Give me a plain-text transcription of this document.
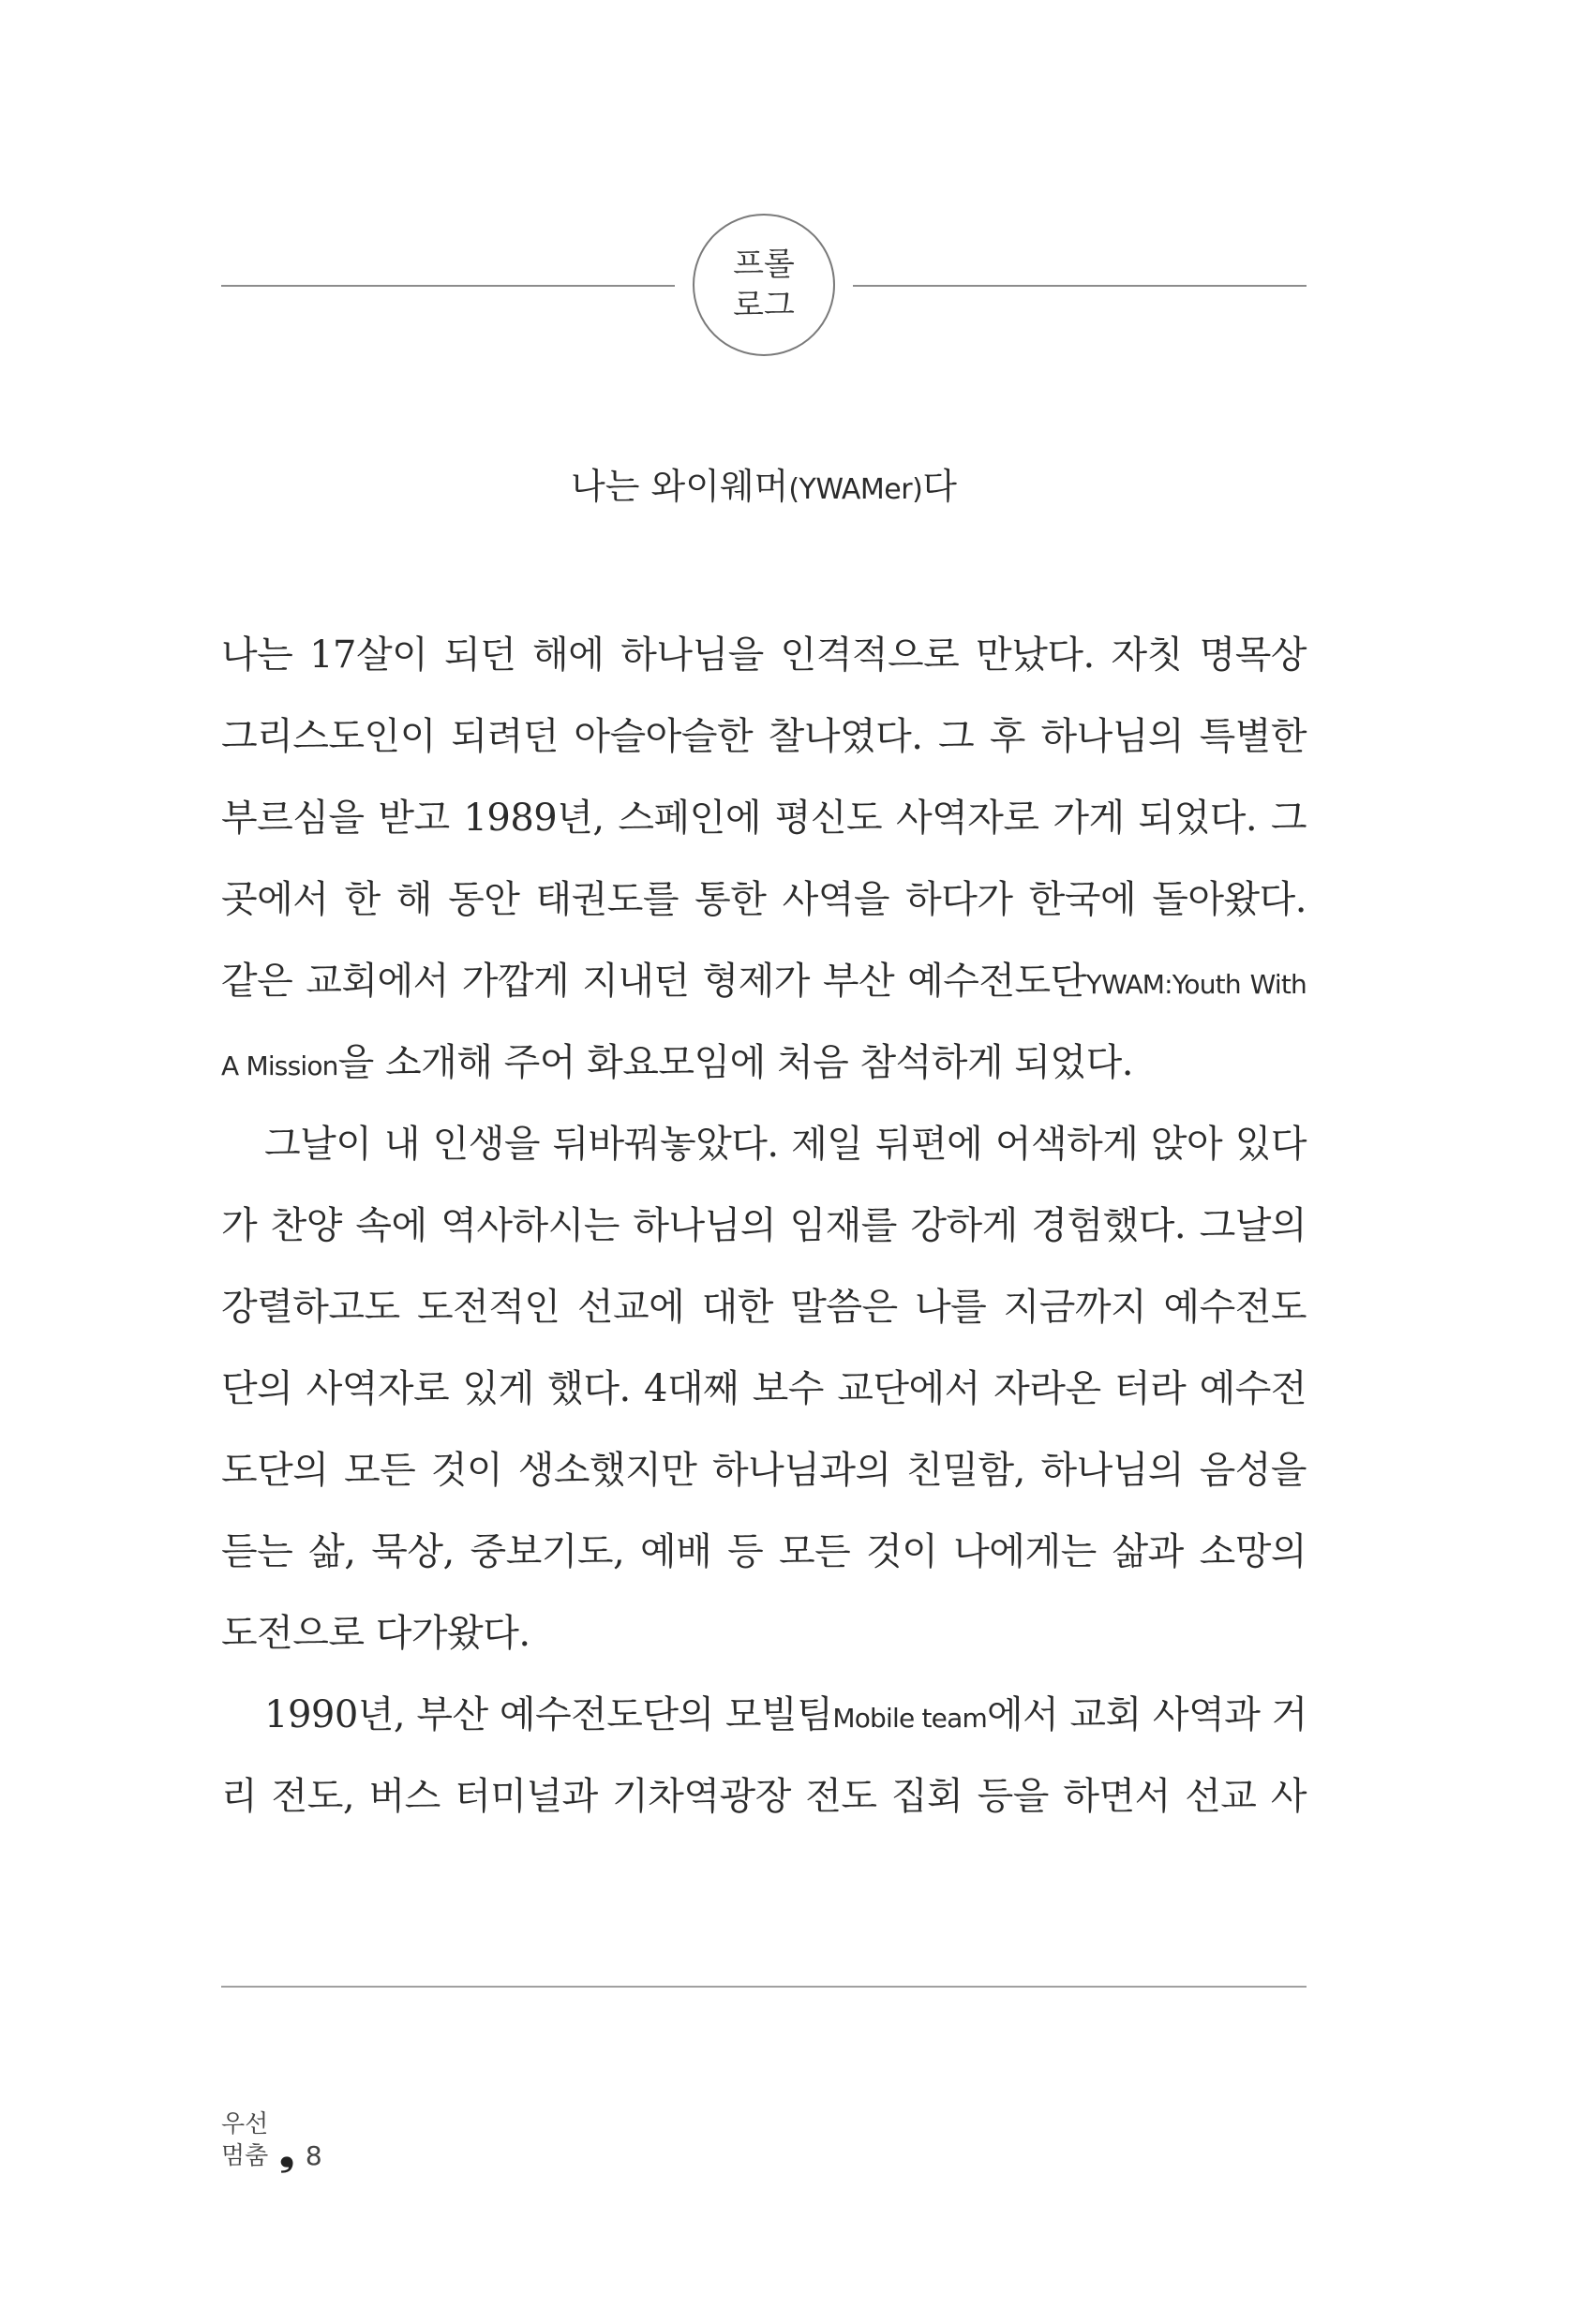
프롤
로그
나는 와이웨머(YWAMer)다
나는 17살이 되던 해에 하나님을 인격적으로 만났다. 자칫 명목상
그리스도인이 되려던 아슬아슬한 찰나였다. 그 후 하나님의 특별한
부르심을 받고 1989년, 스페인에 평신도 사역자로 가게 되었다. 그
곳에서 한 해 동안 태권도를 통한 사역을 하다가 한국에 돌아왔다.
같은 교회에서 가깝게 지내던 형제가 부산 예수전도단YWAM:Youth With
A Mission을 소개해 주어 화요모임에 처음 참석하게 되었다.
그날이 내 인생을 뒤바꿔놓았다. 제일 뒤편에 어색하게 앉아 있다
가 찬양 속에 역사하시는 하나님의 임재를 강하게 경험했다. 그날의
강렬하고도 도전적인 선교에 대한 말씀은 나를 지금까지 예수전도
단의 사역자로 있게 했다. 4대째 보수 교단에서 자라온 터라 예수전
도단의 모든 것이 생소했지만 하나님과의 친밀함, 하나님의 음성을
듣는 삶, 묵상, 중보기도, 예배 등 모든 것이 나에게는 삶과 소망의
도전으로 다가왔다.
1990년, 부산 예수전도단의 모빌팀Mobile team에서 교회 사역과 거
리 전도, 버스 터미널과 기차역광장 전도 집회 등을 하면서 선교 사
우선
멈춤 ❟ 8
